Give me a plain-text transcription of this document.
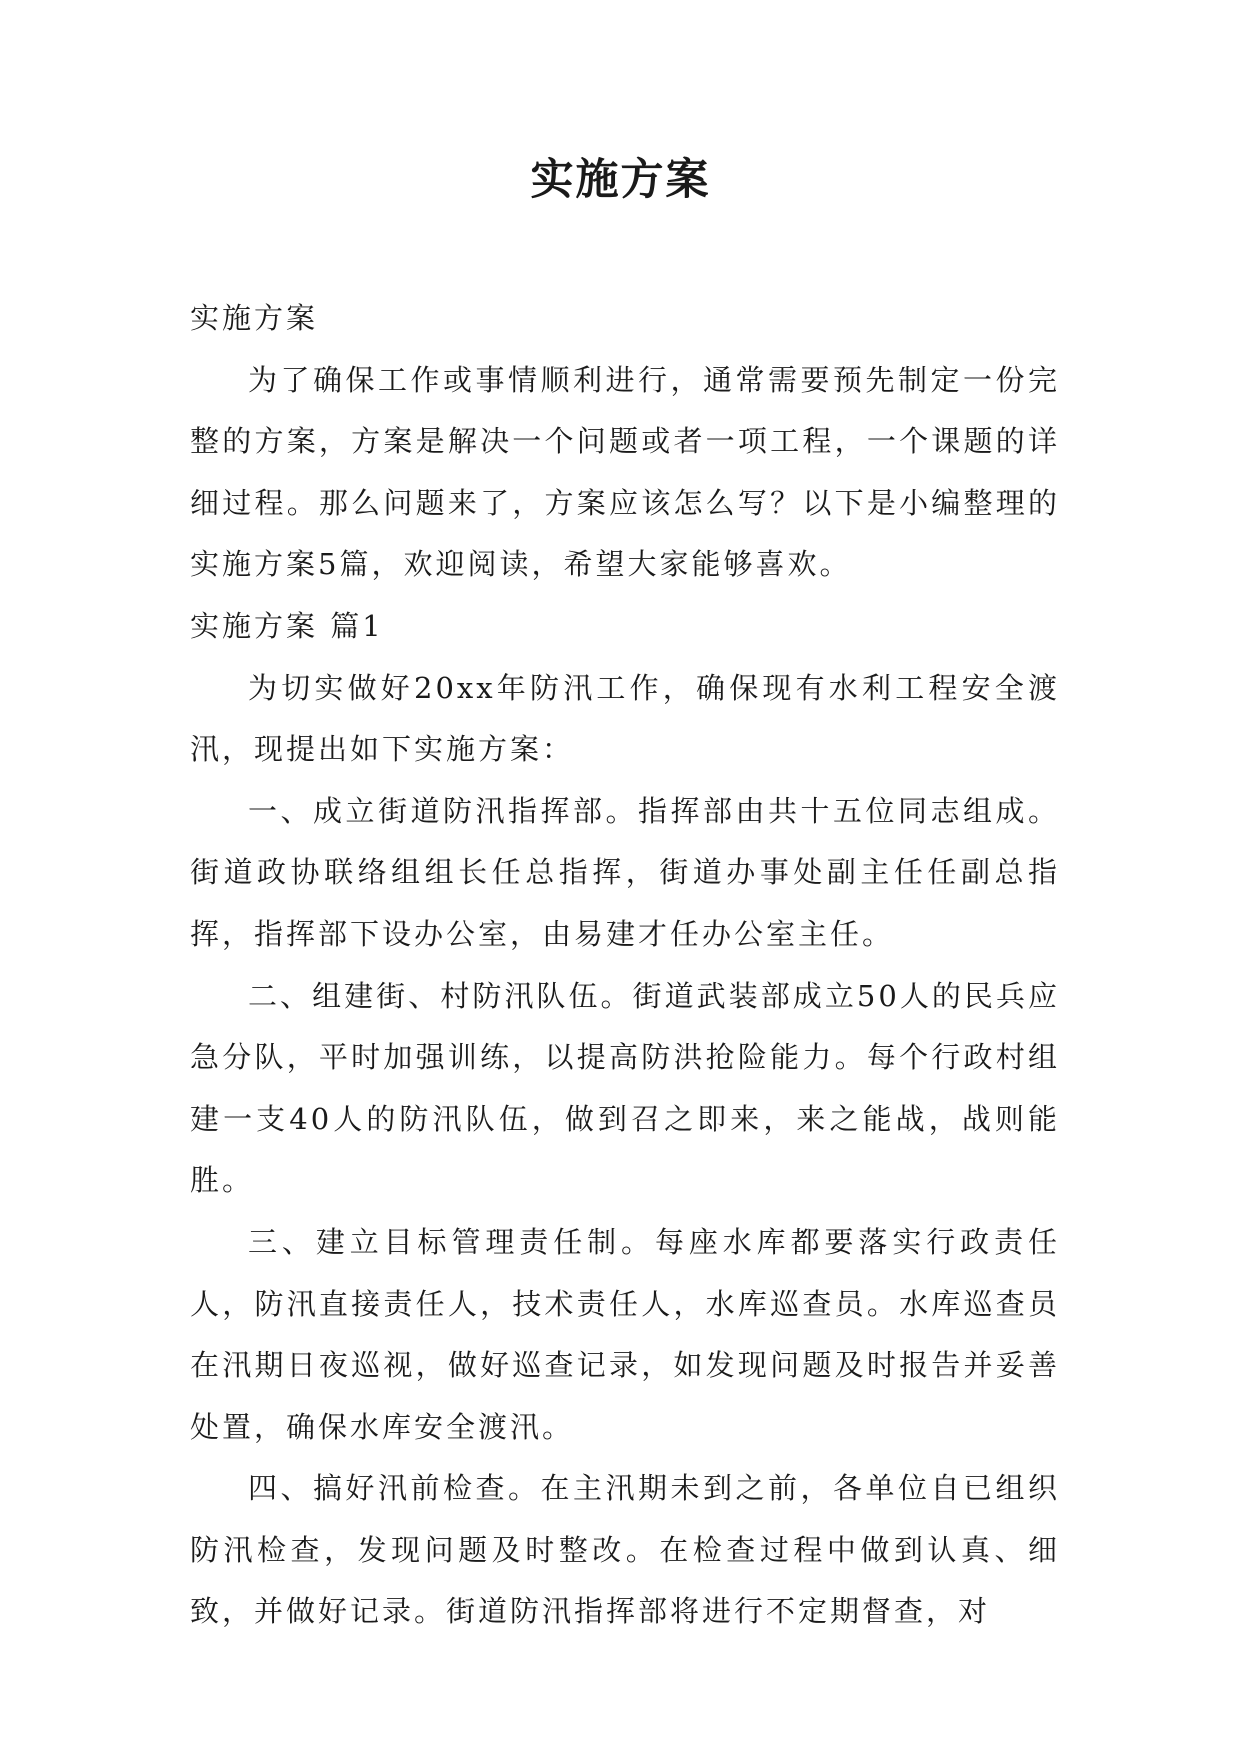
实施方案

实施方案

为了确保工作或事情顺利进行，通常需要预先制定一份完整的方案，方案是解决一个问题或者一项工程，一个课题的详细过程。那么问题来了，方案应该怎么写？以下是小编整理的实施方案5篇，欢迎阅读，希望大家能够喜欢。

实施方案 篇1

为切实做好20xx年防汛工作，确保现有水利工程安全渡汛，现提出如下实施方案：

一、成立街道防汛指挥部。指挥部由共十五位同志组成。街道政协联络组组长任总指挥，街道办事处副主任任副总指挥，指挥部下设办公室，由易建才任办公室主任。

二、组建街、村防汛队伍。街道武装部成立50人的民兵应急分队，平时加强训练，以提高防洪抢险能力。每个行政村组建一支40人的防汛队伍，做到召之即来，来之能战，战则能胜。

三、建立目标管理责任制。每座水库都要落实行政责任人，防汛直接责任人，技术责任人，水库巡查员。水库巡查员在汛期日夜巡视，做好巡查记录，如发现问题及时报告并妥善处置，确保水库安全渡汛。

四、搞好汛前检查。在主汛期未到之前，各单位自已组织防汛检查，发现问题及时整改。在检查过程中做到认真、细致，并做好记录。街道防汛指挥部将进行不定期督查，对
